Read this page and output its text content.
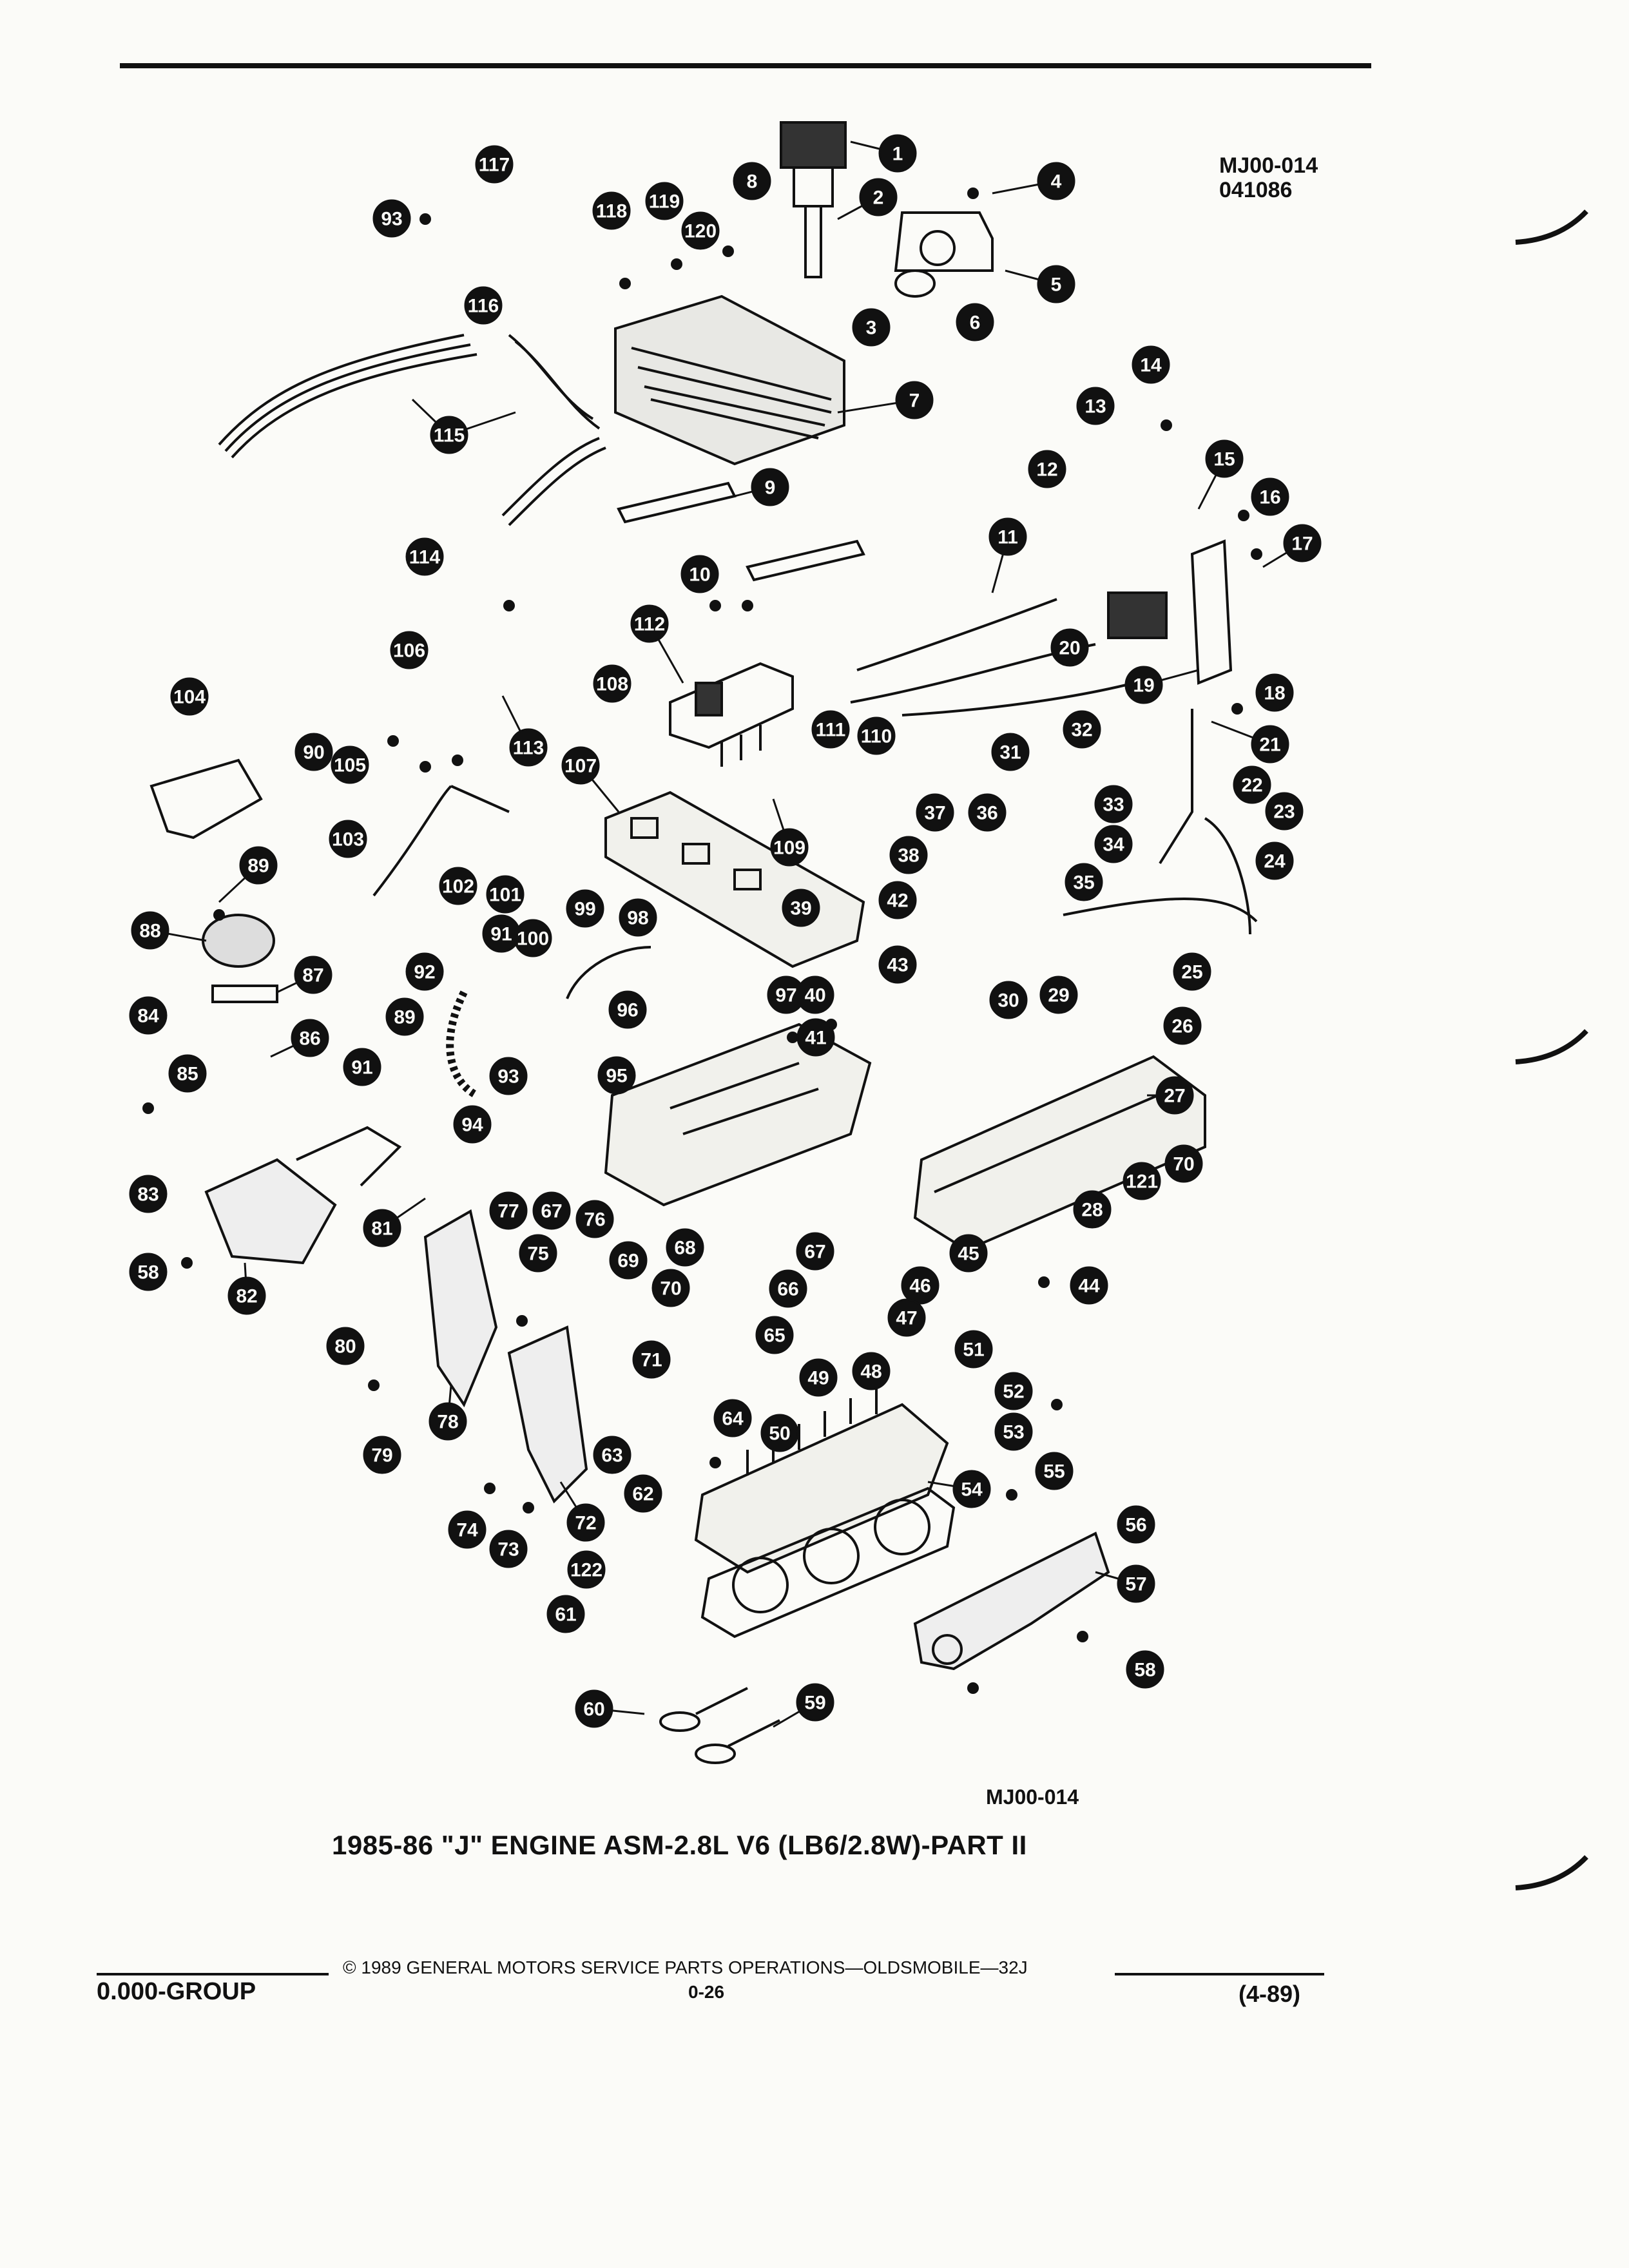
MJ00-014
041086
1
2
3
4
5
6
7
8
9
10
11
12
13
14
15
16
17
18
19
20
21
22
23
24
25
26
27
28
29
30
31
32
33
34
35
36
37
38
39
40
41
42
43
44
45
46
47
48
49
50
51
52
53
54
55
56
57
58
59
60
61
62
63
64
65
66
67
68
69
70
70
71
72
73
74
75
76
77 67
78
79
80
81
82
83
58
84
85
86
87
88
89
89
90
91
91
92
93
93
94
95
96
97
98
99
100
101
102
103
104
105
106
107
108
109
110
111
112
113
114
115
116
117
118 119
120
121
122
MJ00-014
1985-86 "J" ENGINE ASM-2.8L V6 (LB6/2.8W)-PART II
© 1989 GENERAL MOTORS SERVICE PARTS OPERATIONS—OLDSMOBILE—32J
0.000-GROUP	0-26	(4-89)
